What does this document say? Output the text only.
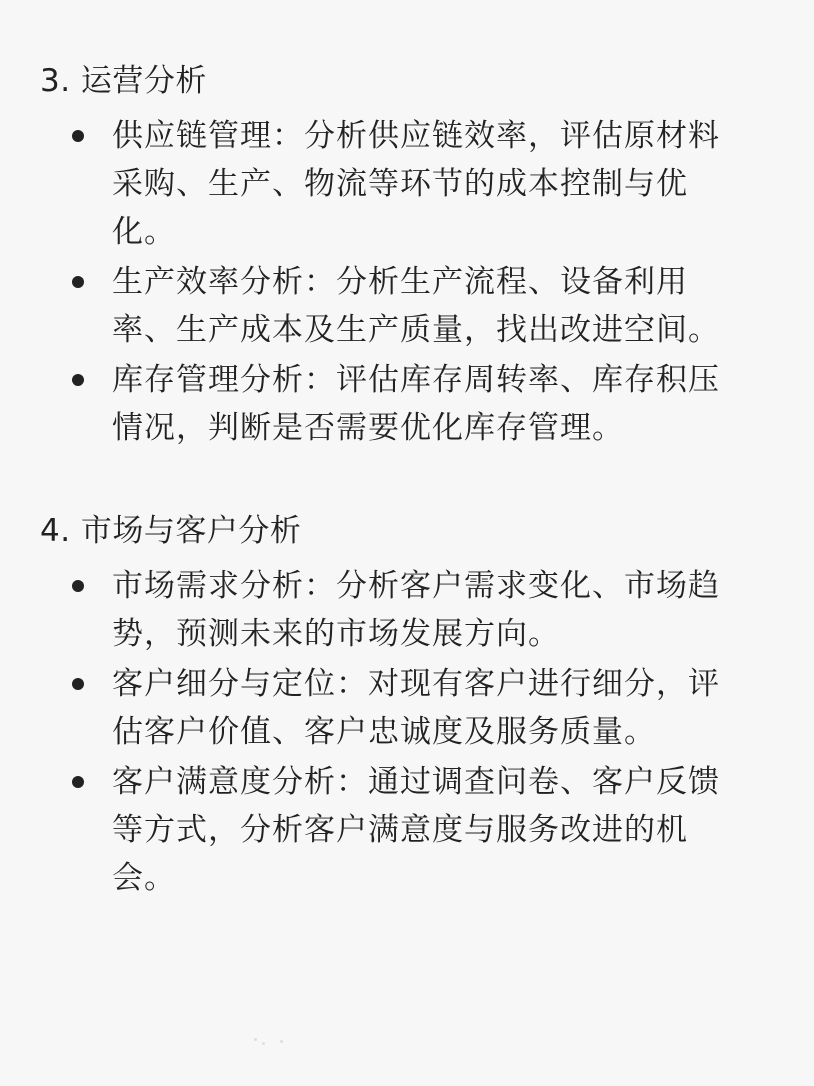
3. 运营分析
供应链管理：分析供应链效率，评估原材料采购、生产、物流等环节的成本控制与优化。
生产效率分析：分析生产流程、设备利用率、生产成本及生产质量，找出改进空间。
库存管理分析：评估库存周转率、库存积压情况，判断是否需要优化库存管理。
4. 市场与客户分析
市场需求分析：分析客户需求变化、市场趋势，预测未来的市场发展方向。
客户细分与定位：对现有客户进行细分，评估客户价值、客户忠诚度及服务质量。
客户满意度分析：通过调查问卷、客户反馈等方式，分析客户满意度与服务改进的机会。
